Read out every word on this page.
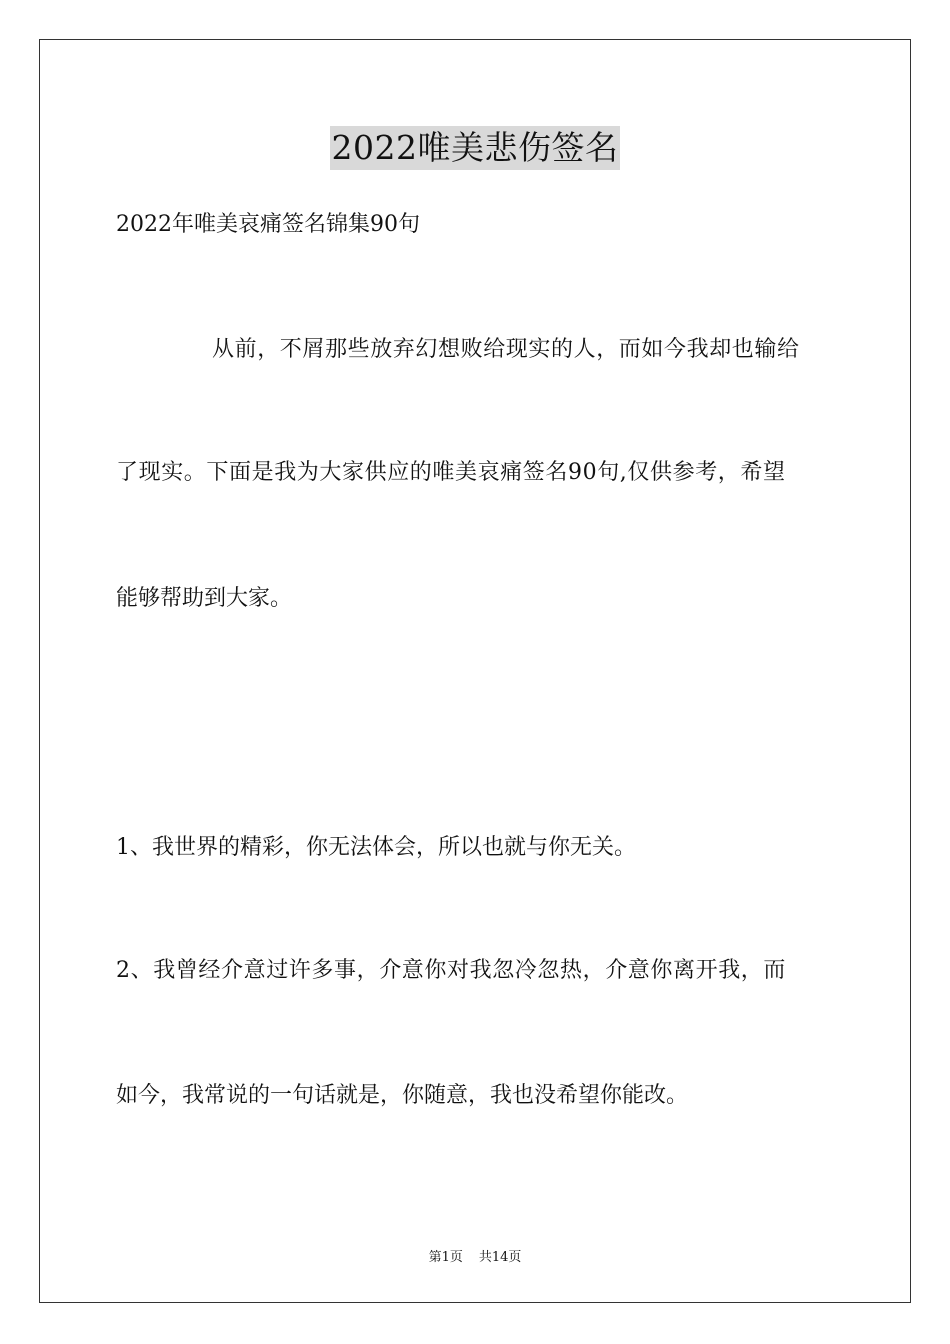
2022唯美悲伤签名
2022年唯美哀痛签名锦集90句
从前，不屑那些放弃幻想败给现实的人，而如今我却也输给
了现实。下面是我为大家供应的唯美哀痛签名90句,仅供参考，希望
能够帮助到大家。
1、我世界的精彩，你无法体会，所以也就与你无关。
2、我曾经介意过许多事，介意你对我忽冷忽热，介意你离开我，而
如今，我常说的一句话就是，你随意，我也没希望你能改。
第1页 共14页
